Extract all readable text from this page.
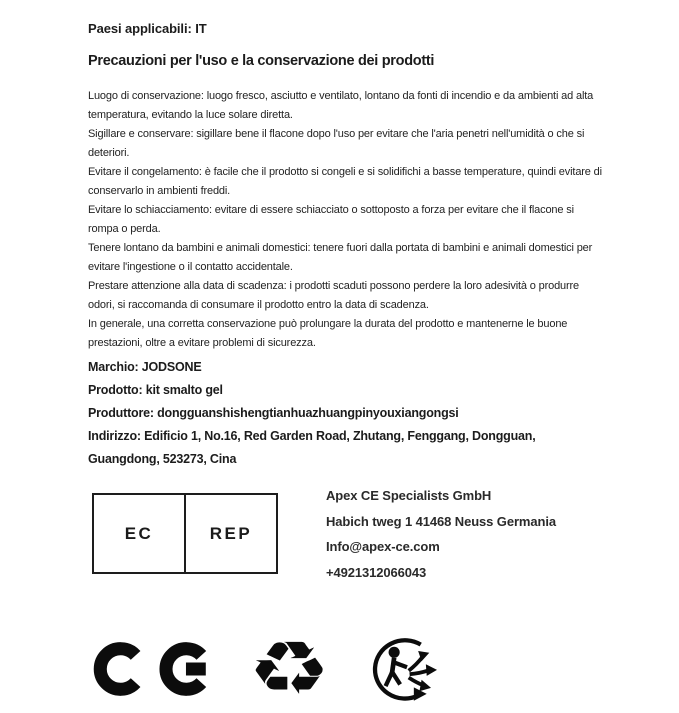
Paesi applicabili: IT
Precauzioni per l'uso e la conservazione dei prodotti

Luogo di conservazione: luogo fresco, asciutto e ventilato, lontano da fonti di incendio e da ambienti ad alta temperatura, evitando la luce solare diretta.

Sigillare e conservare: sigillare bene il flacone dopo l'uso per evitare che l'aria penetri nell'umidità o che si deteriori.

Evitare il congelamento: è facile che il prodotto si congeli e si solidifichi a basse temperature, quindi evitare di conservarlo in ambienti freddi.

Evitare lo schiacciamento: evitare di essere schiacciato o sottoposto a forza per evitare che il flacone si rompa o perda.

Tenere lontano da bambini e animali domestici: tenere fuori dalla portata di bambini e animali domestici per evitare l'ingestione o il contatto accidentale.

Prestare attenzione alla data di scadenza: i prodotti scaduti possono perdere la loro adesività o produrre odori, si raccomanda di consumare il prodotto entro la data di scadenza.

In generale, una corretta conservazione può prolungare la durata del prodotto e mantenerne le buone prestazioni, oltre a evitare problemi di sicurezza.

Marchio: JODSONE

Prodotto: kit smalto gel

Produttore: dongguanshishengtianhuazhuangpinyouxiangongsi

Indirizzo: Edificio 1, No.16, Red Garden Road, Zhutang, Fenggang, Dongguan, Guangdong, 523273, Cina

EC	REP

Apex CE Specialists GmbH

Habich tweg 1 41468 Neuss Germania

Info@apex-ce.com

+4921312066043

♻
